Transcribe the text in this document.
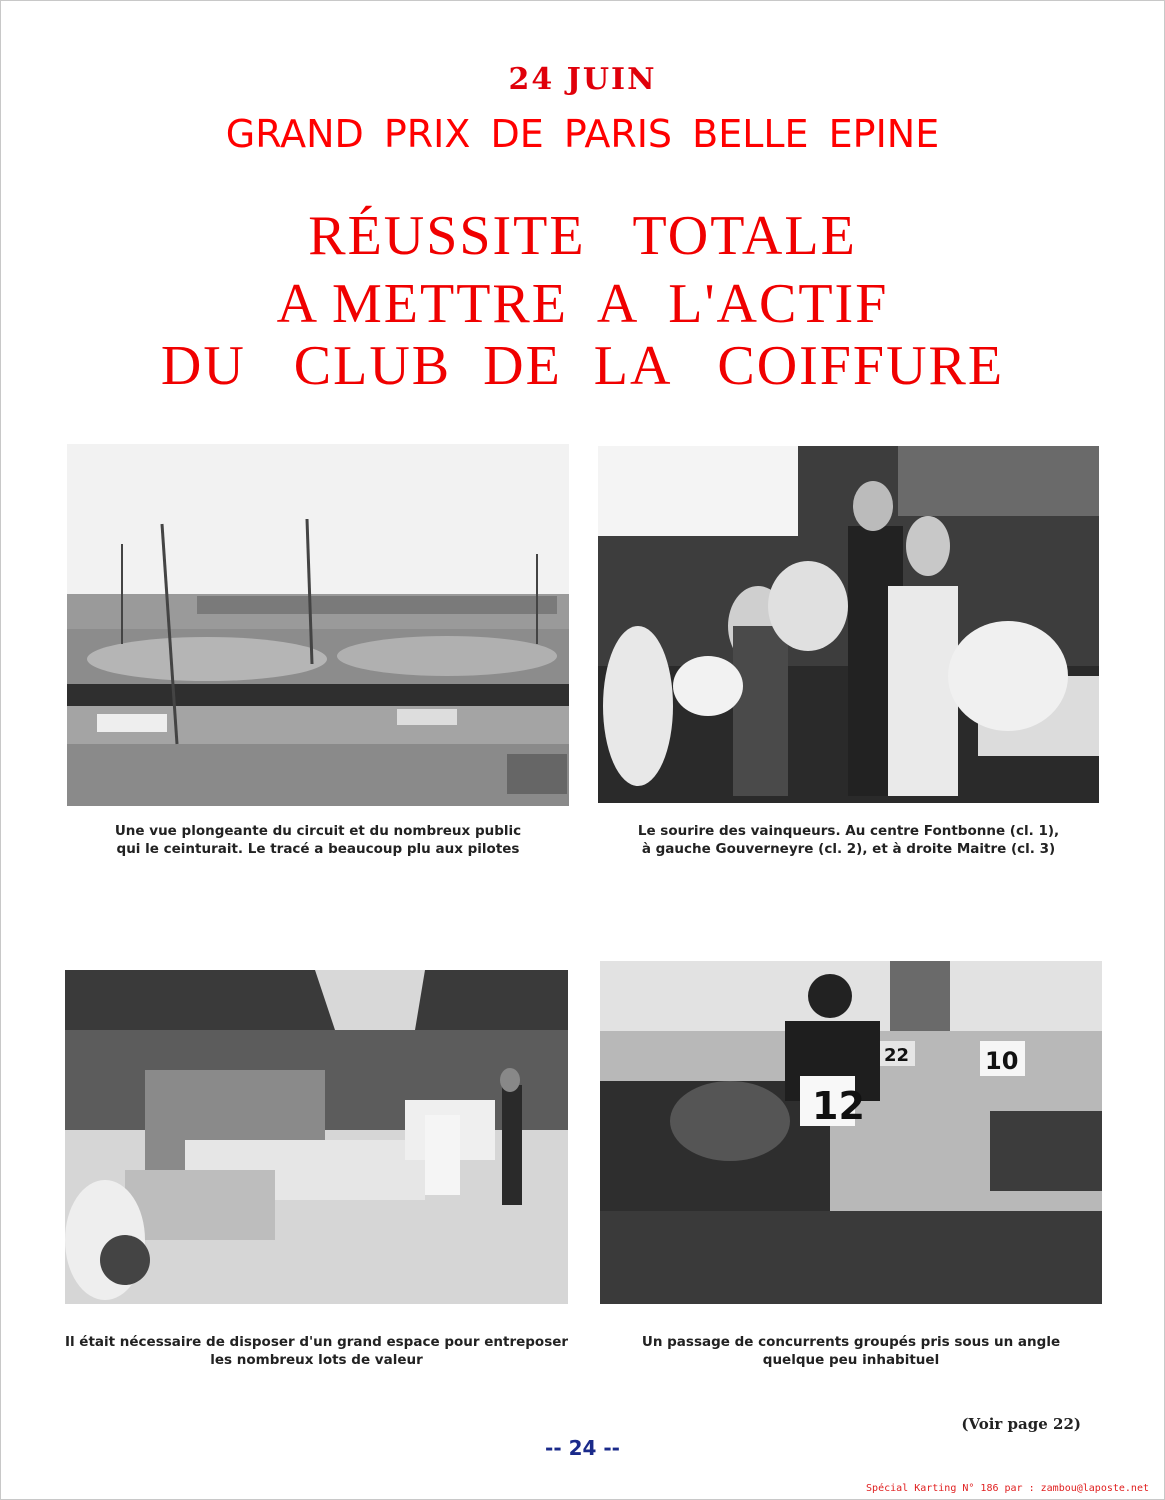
24 JUIN
GRAND PRIX DE PARIS BELLE EPINE
RÉUSSITE   TOTALE
A METTRE  A  L'ACTIF
DU   CLUB  DE  LA   COIFFURE
Une vue plongeante du circuit et du nombreux public
qui le ceinturait. Le tracé a beaucoup plu aux pilotes
Le sourire des vainqueurs. Au centre Fontbonne (cl. 1),
à gauche Gouverneyre (cl. 2), et à droite Maitre (cl. 3)
Il était nécessaire de disposer d'un grand espace pour entreposer
les nombreux lots de valeur
12
10
22
Un passage de concurrents groupés pris sous un angle
quelque peu inhabituel
(Voir page 22)
-- 24 --
Spécial Karting N° 186 par : zambou@laposte.net
